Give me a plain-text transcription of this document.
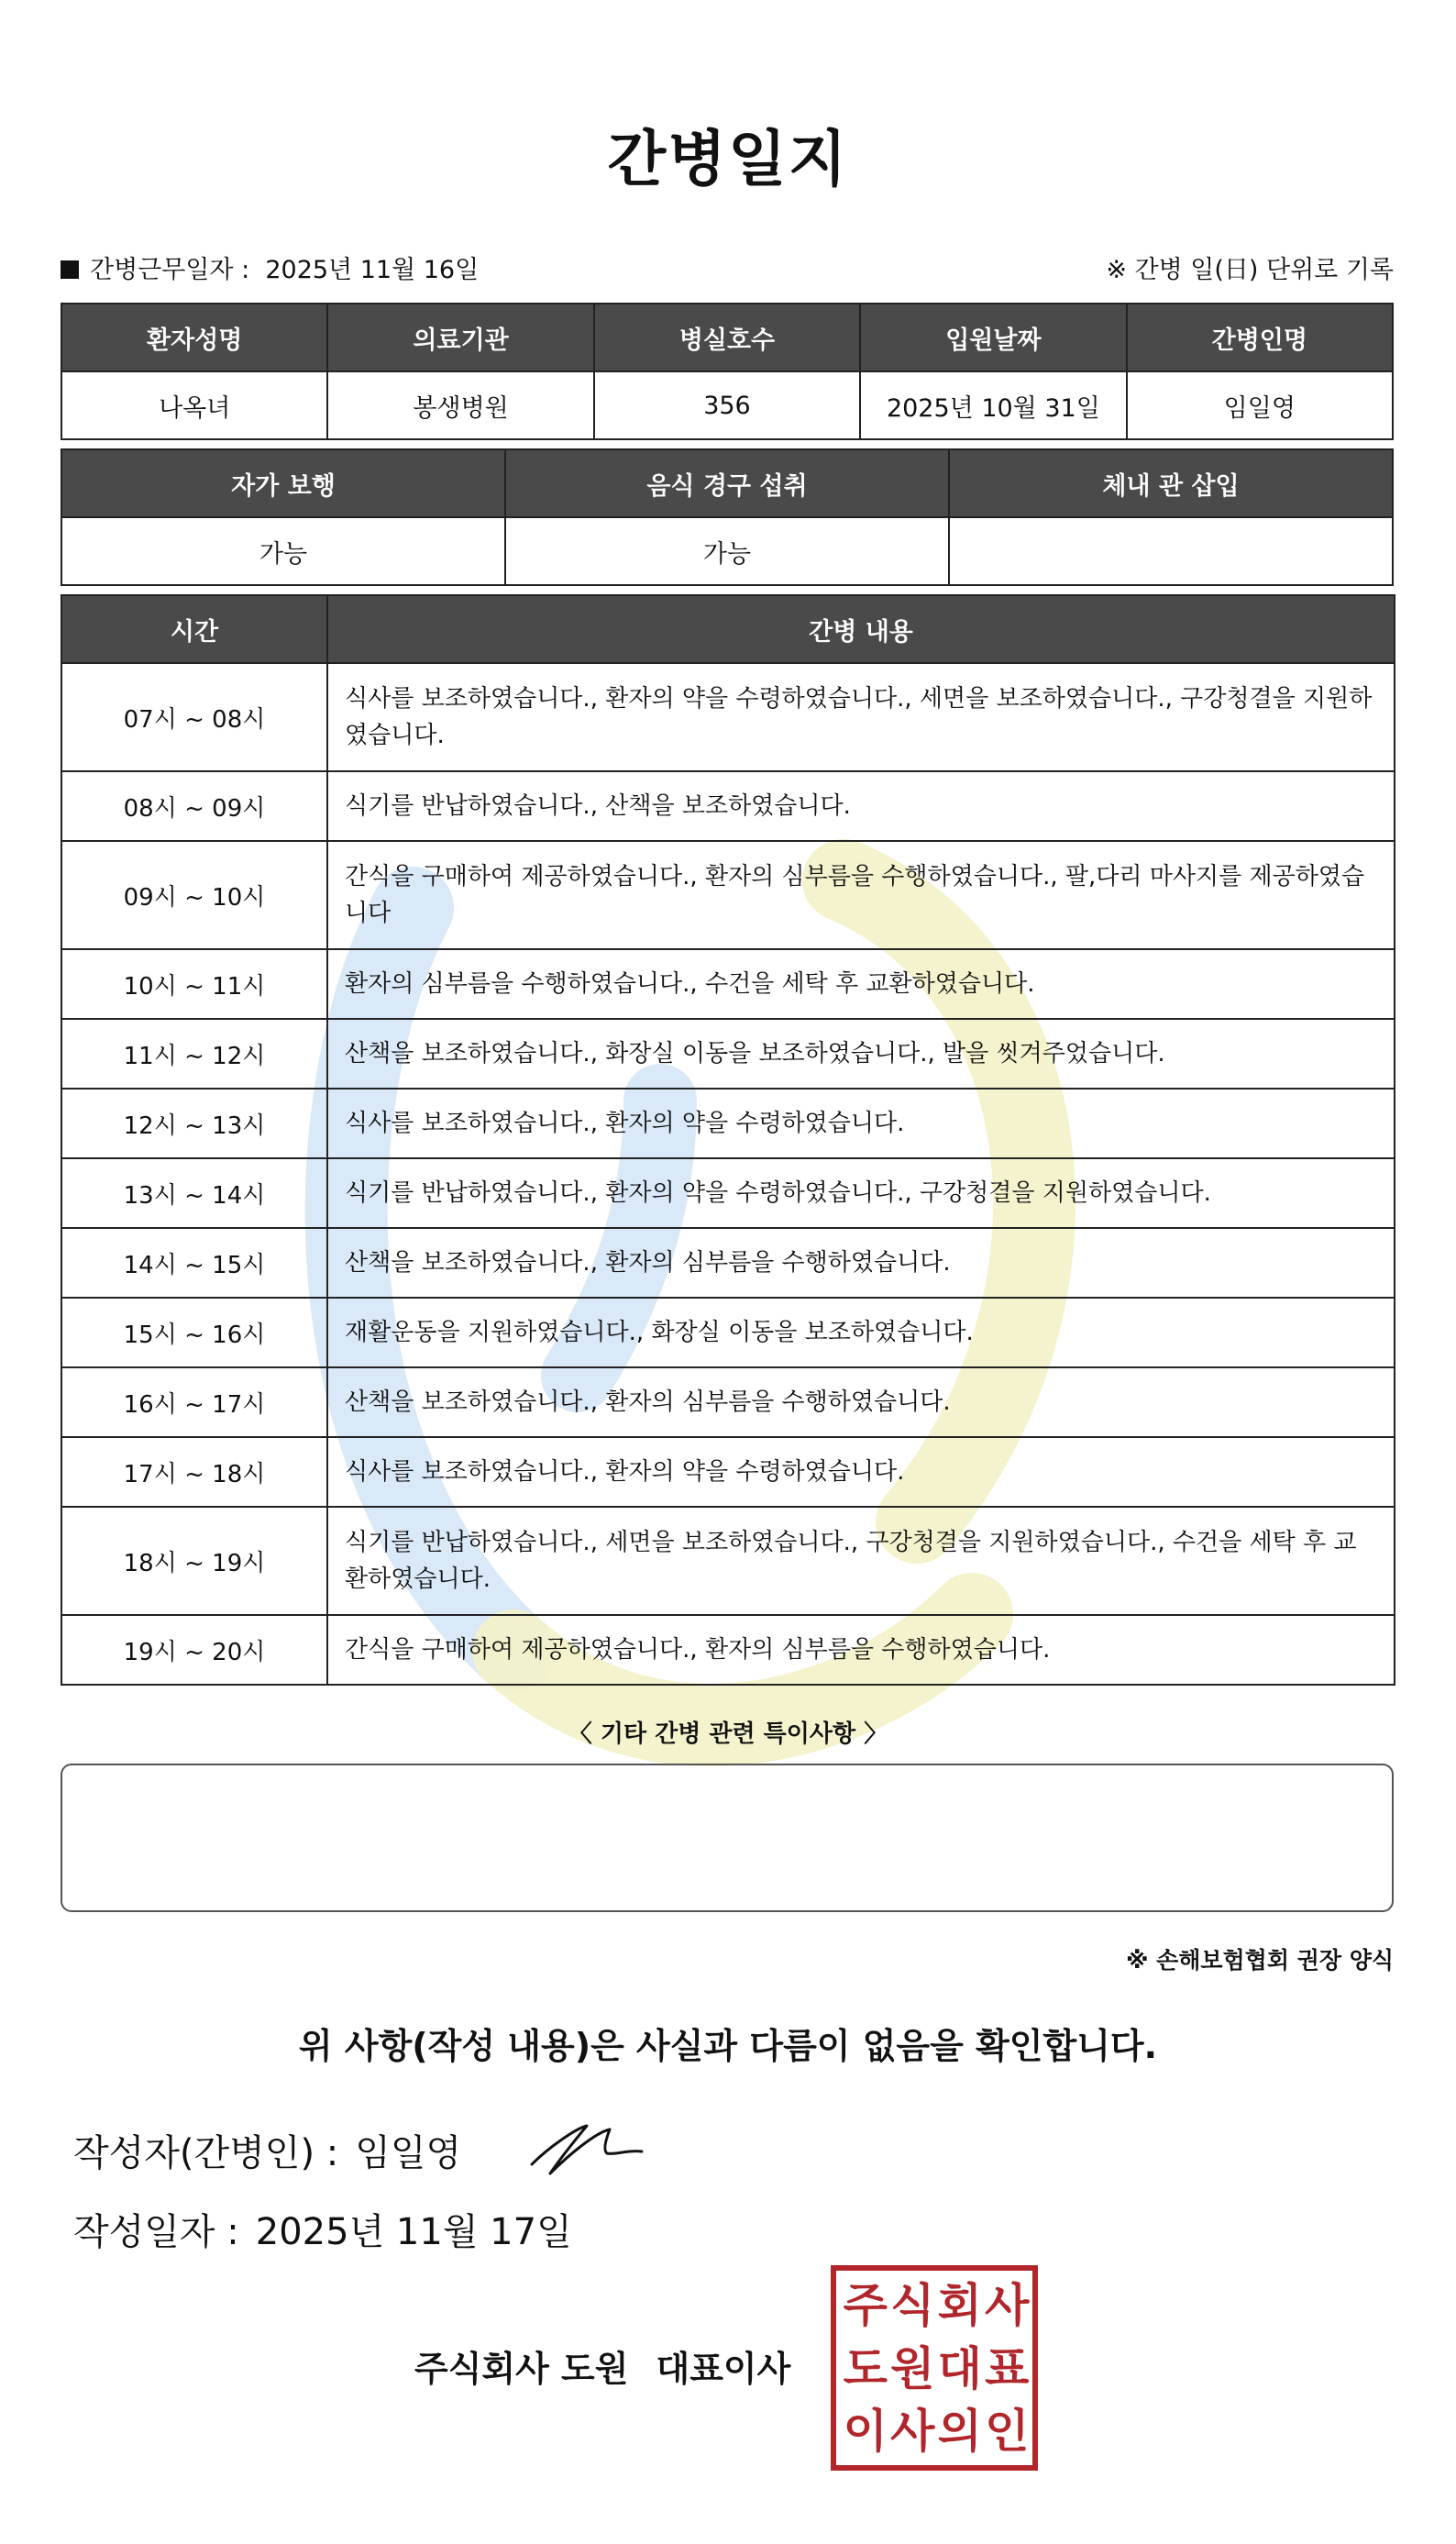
간병일지
간병근무일자 : 2025년 11월 16일	※ 간병 일(日) 단위로 기록
환자성명	의료기관	병실호수	입원날짜	간병인명
나옥녀	봉생병원	356	2025년 10월 31일	임일영
자가 보행	음식 경구 섭취	체내 관 삽입
가능	가능	
시간	간병 내용
07시 ~ 08시	식사를 보조하였습니다., 환자의 약을 수령하였습니다., 세면을 보조하였습니다., 구강청결을 지원하였습니다.
08시 ~ 09시	식기를 반납하였습니다., 산책을 보조하였습니다.
09시 ~ 10시	간식을 구매하여 제공하였습니다., 환자의 심부름을 수행하였습니다., 팔,다리 마사지를 제공하였습니다
10시 ~ 11시	환자의 심부름을 수행하였습니다., 수건을 세탁 후 교환하였습니다.
11시 ~ 12시	산책을 보조하였습니다., 화장실 이동을 보조하였습니다., 발을 씻겨주었습니다.
12시 ~ 13시	식사를 보조하였습니다., 환자의 약을 수령하였습니다.
13시 ~ 14시	식기를 반납하였습니다., 환자의 약을 수령하였습니다., 구강청결을 지원하였습니다.
14시 ~ 15시	산책을 보조하였습니다., 환자의 심부름을 수행하였습니다.
15시 ~ 16시	재활운동을 지원하였습니다., 화장실 이동을 보조하였습니다.
16시 ~ 17시	산책을 보조하였습니다., 환자의 심부름을 수행하였습니다.
17시 ~ 18시	식사를 보조하였습니다., 환자의 약을 수령하였습니다.
18시 ~ 19시	식기를 반납하였습니다., 세면을 보조하였습니다., 구강청결을 지원하였습니다., 수건을 세탁 후 교환하였습니다.
19시 ~ 20시	간식을 구매하여 제공하였습니다., 환자의 심부름을 수행하였습니다.
〈 기타 간병 관련 특이사항 〉
※ 손해보험협회 권장 양식
위 사항(작성 내용)은 사실과 다름이 없음을 확인합니다.
작성자(간병인) : 임일영
작성일자 : 2025년 11월 17일
주식회사 도원 대표이사
주 식 회 사
도 원 대 표
이 사 의 인
